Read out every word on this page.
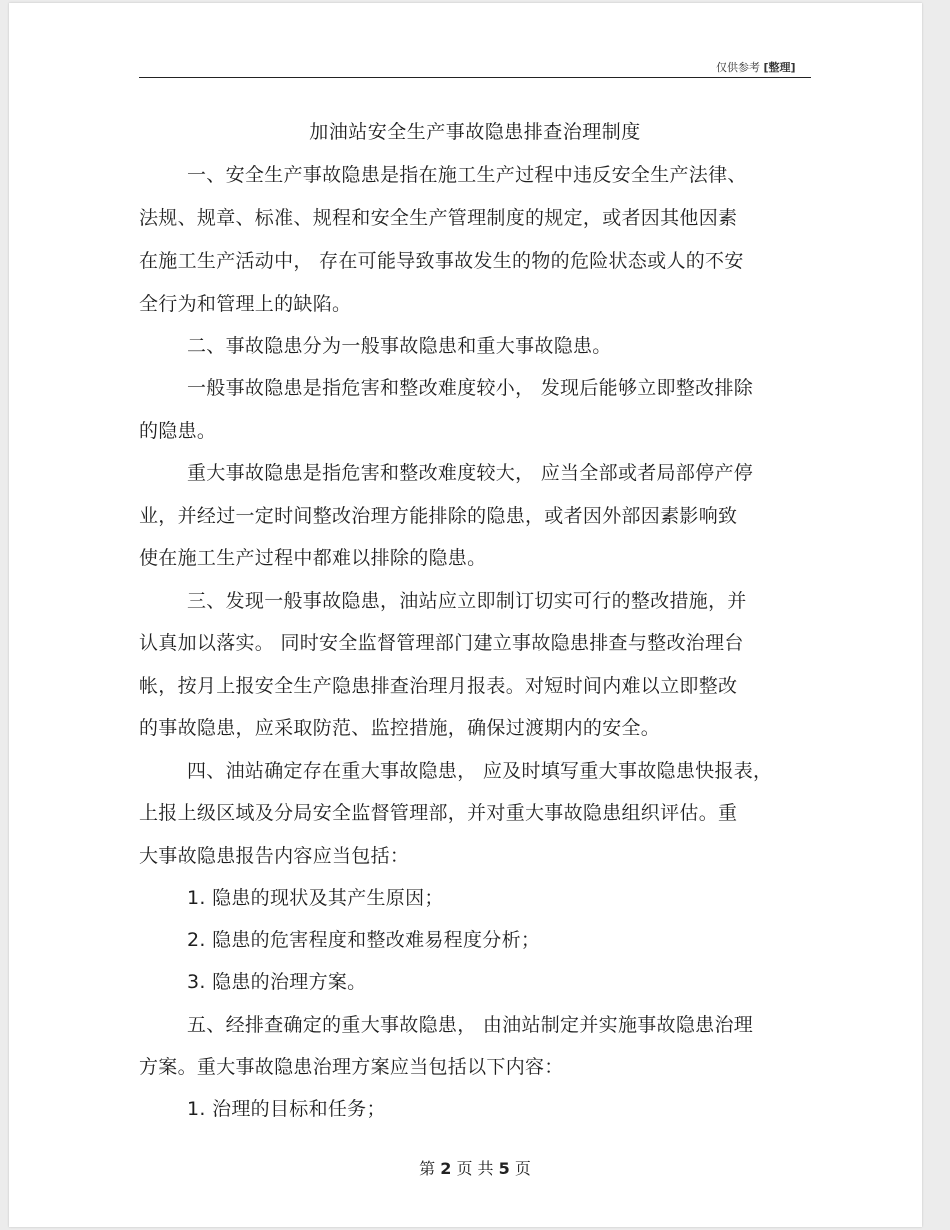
仅供参考 [整理]
加油站安全生产事故隐患排查治理制度
一、安全生产事故隐患是指在施工生产过程中违反安全生产法律、
法规、规章、标准、规程和安全生产管理制度的规定，或者因其他因素
在施工生产活动中， 存在可能导致事故发生的物的危险状态或人的不安
全行为和管理上的缺陷。
二、事故隐患分为一般事故隐患和重大事故隐患。
一般事故隐患是指危害和整改难度较小， 发现后能够立即整改排除
的隐患。
重大事故隐患是指危害和整改难度较大， 应当全部或者局部停产停
业，并经过一定时间整改治理方能排除的隐患，或者因外部因素影响致
使在施工生产过程中都难以排除的隐患。
三、发现一般事故隐患，油站应立即制订切实可行的整改措施，并
认真加以落实。 同时安全监督管理部门建立事故隐患排查与整改治理台
帐，按月上报安全生产隐患排查治理月报表。对短时间内难以立即整改
的事故隐患，应采取防范、监控措施，确保过渡期内的安全。
四、油站确定存在重大事故隐患， 应及时填写重大事故隐患快报表，
上报上级区域及分局安全监督管理部，并对重大事故隐患组织评估。重
大事故隐患报告内容应当包括：
1. 隐患的现状及其产生原因；
2. 隐患的危害程度和整改难易程度分析；
3. 隐患的治理方案。
五、经排查确定的重大事故隐患， 由油站制定并实施事故隐患治理
方案。重大事故隐患治理方案应当包括以下内容：
1. 治理的目标和任务；
第 2 页 共 5 页
